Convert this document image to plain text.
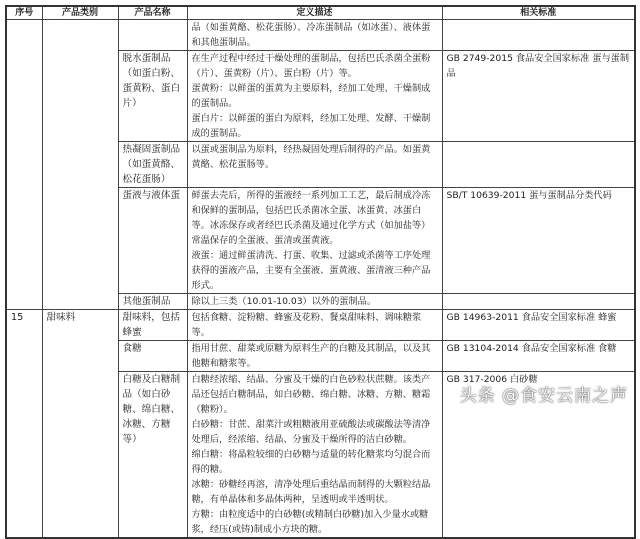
序号	产品类别	产品名称	定义描述	相关标准

			品（如蛋黄酪、松花蛋肠）、冷冻蛋制品（如冰蛋）、液体蛋和其他蛋制品。	

		脱水蛋制品（如蛋白粉、蛋黄粉、蛋白片）	在生产过程中经过干燥处理的蛋制品，包括巴氏杀菌全蛋粉（片）、蛋黄粉（片）、蛋白粉（片）等。
蛋黄粉：以鲜蛋的蛋黄为主要原料，经加工处理、干燥制成的蛋制品。
蛋白片：以鲜蛋的蛋白为原料，经加工处理、发酵、干燥制成的蛋制品。	GB 2749-2015 食品安全国家标准 蛋与蛋制品
		热凝固蛋制品（如蛋黄酪、松花蛋肠）	以蛋或蛋制品为原料，经热凝固处理后制得的产品。如蛋黄黄酪、松花蛋肠等。	

		蛋液与液体蛋	鲜蛋去壳后，所得的蛋液经一系列加工工艺，最后制成冷冻和保鲜的蛋制品，包括巴氏杀菌冰全蛋、冰蛋黄、冰蛋白等。冰冻保存或者经巴氏杀菌及通过化学方式（如加盐等）常温保存的全蛋液、蛋清或蛋黄液。
液蛋：通过鲜蛋清洗、打蛋、收集、过滤或杀菌等工序处理获得的蛋液产品，主要有全蛋液、蛋黄液、蛋清液三种产品形式。	SB/T 10639-2011 蛋与蛋制品分类代码
		其他蛋制品	除以上三类（10.01-10.03）以外的蛋制品。	

15	甜味料	甜味料，包括蜂蜜	包括食糖、淀粉糖、蜂蜜及花粉、餐桌甜味料、调味糖浆等。	GB 14963-2011 食品安全国家标准 蜂蜜
		食糖	指用甘蔗、甜菜或原糖为原料生产的白糖及其制品，以及其他糖和糖浆等。	GB 13104-2014 食品安全国家标准 食糖
		白糖及白糖制品（如白砂糖、绵白糖、冰糖、方糖等）	白糖经浓缩、结晶、分蜜及干燥的白色砂粒状蔗糖。该类产品还包括白糖制品，如白砂糖、绵白糖、冰糖、方糖、糖霜（糖粉）。
白砂糖：甘蔗、甜菜汁或粗糖液用亚硫酸法或碳酸法等清净处理后，经浓缩、结晶、分蜜及干燥所得的洁白砂糖。
绵白糖：将晶粒较细的白砂糖与适量的转化糖浆均匀混合而得的糖。
冰糖：砂糖经再溶，清净处理后重结晶而制得的大颗粒结晶糖，有单晶体和多晶体两种，呈透明或半透明状。
方糖：由粒度适中的白砂糖(或精制白砂糖)加入少量水或糖浆，经压(或铸)制成小方块的糖。	GB 317-2006 白砂糖
头条 @食安云南之声
